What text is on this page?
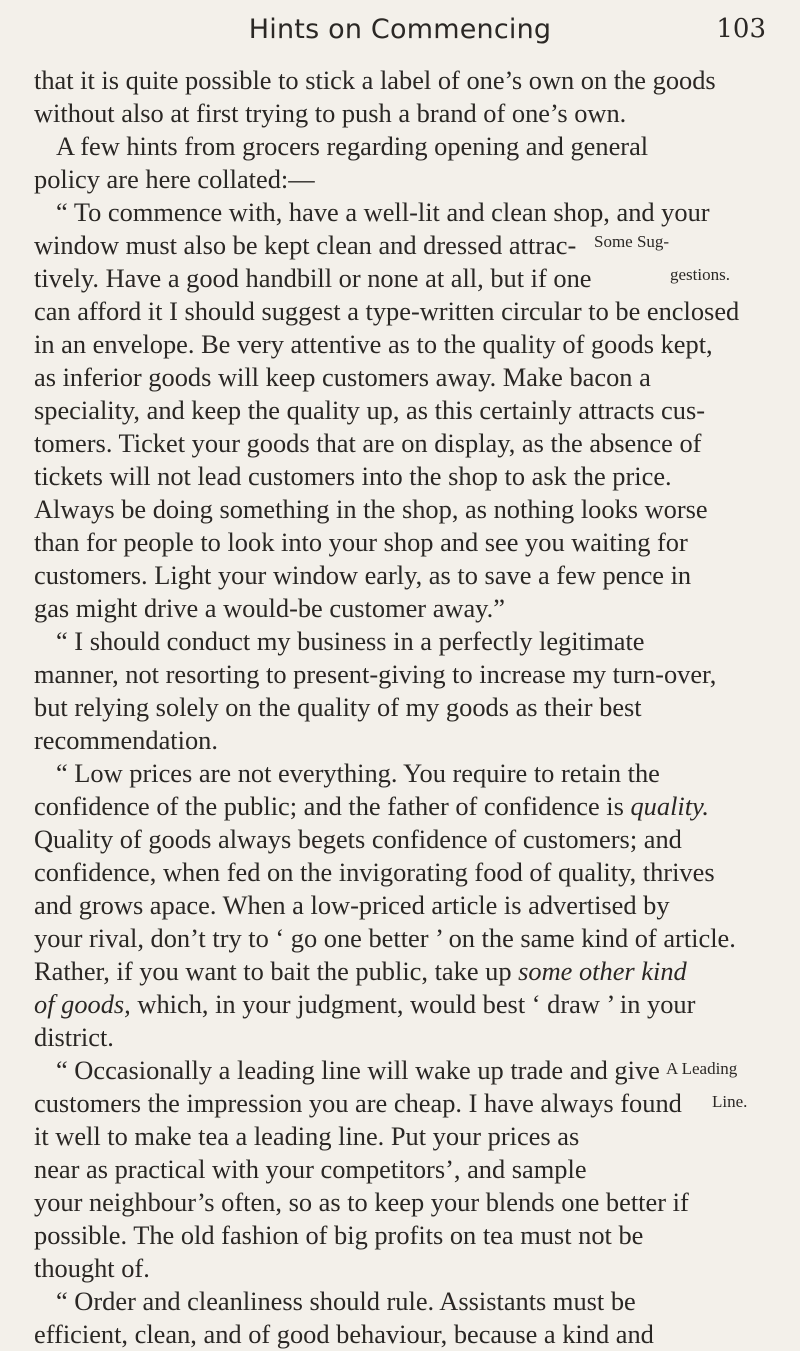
Hints on Commencing	103
Some Sug-
gestions.
A Leading
Line.
that it is quite possible to stick a label of one’s own on the goods
without also at first trying to push a brand of one’s own.
A few hints from grocers regarding opening and general
policy are here collated:—
“ To commence with, have a well-lit and clean shop, and your
window must also be kept clean and dressed attrac-
tively. Have a good handbill or none at all, but if one
can afford it I should suggest a type-written circular to be enclosed
in an envelope. Be very attentive as to the quality of goods kept,
as inferior goods will keep customers away. Make bacon a
speciality, and keep the quality up, as this certainly attracts cus-
tomers. Ticket your goods that are on display, as the absence of
tickets will not lead customers into the shop to ask the price.
Always be doing something in the shop, as nothing looks worse
than for people to look into your shop and see you waiting for
customers. Light your window early, as to save a few pence in
gas might drive a would-be customer away.”
“ I should conduct my business in a perfectly legitimate
manner, not resorting to present-giving to increase my turn-over,
but relying solely on the quality of my goods as their best
recommendation.
“ Low prices are not everything. You require to retain the
confidence of the public; and the father of confidence is quality.
Quality of goods always begets confidence of customers; and
confidence, when fed on the invigorating food of quality, thrives
and grows apace. When a low-priced article is advertised by
your rival, don’t try to ‘ go one better ’ on the same kind of article.
Rather, if you want to bait the public, take up some other kind
of goods, which, in your judgment, would best ‘ draw ’ in your
district.
“ Occasionally a leading line will wake up trade and give
customers the impression you are cheap. I have always found
it well to make tea a leading line. Put your prices as
near as practical with your competitors’, and sample
your neighbour’s often, so as to keep your blends one better if
possible. The old fashion of big profits on tea must not be
thought of.
“ Order and cleanliness should rule. Assistants must be
efficient, clean, and of good behaviour, because a kind and
